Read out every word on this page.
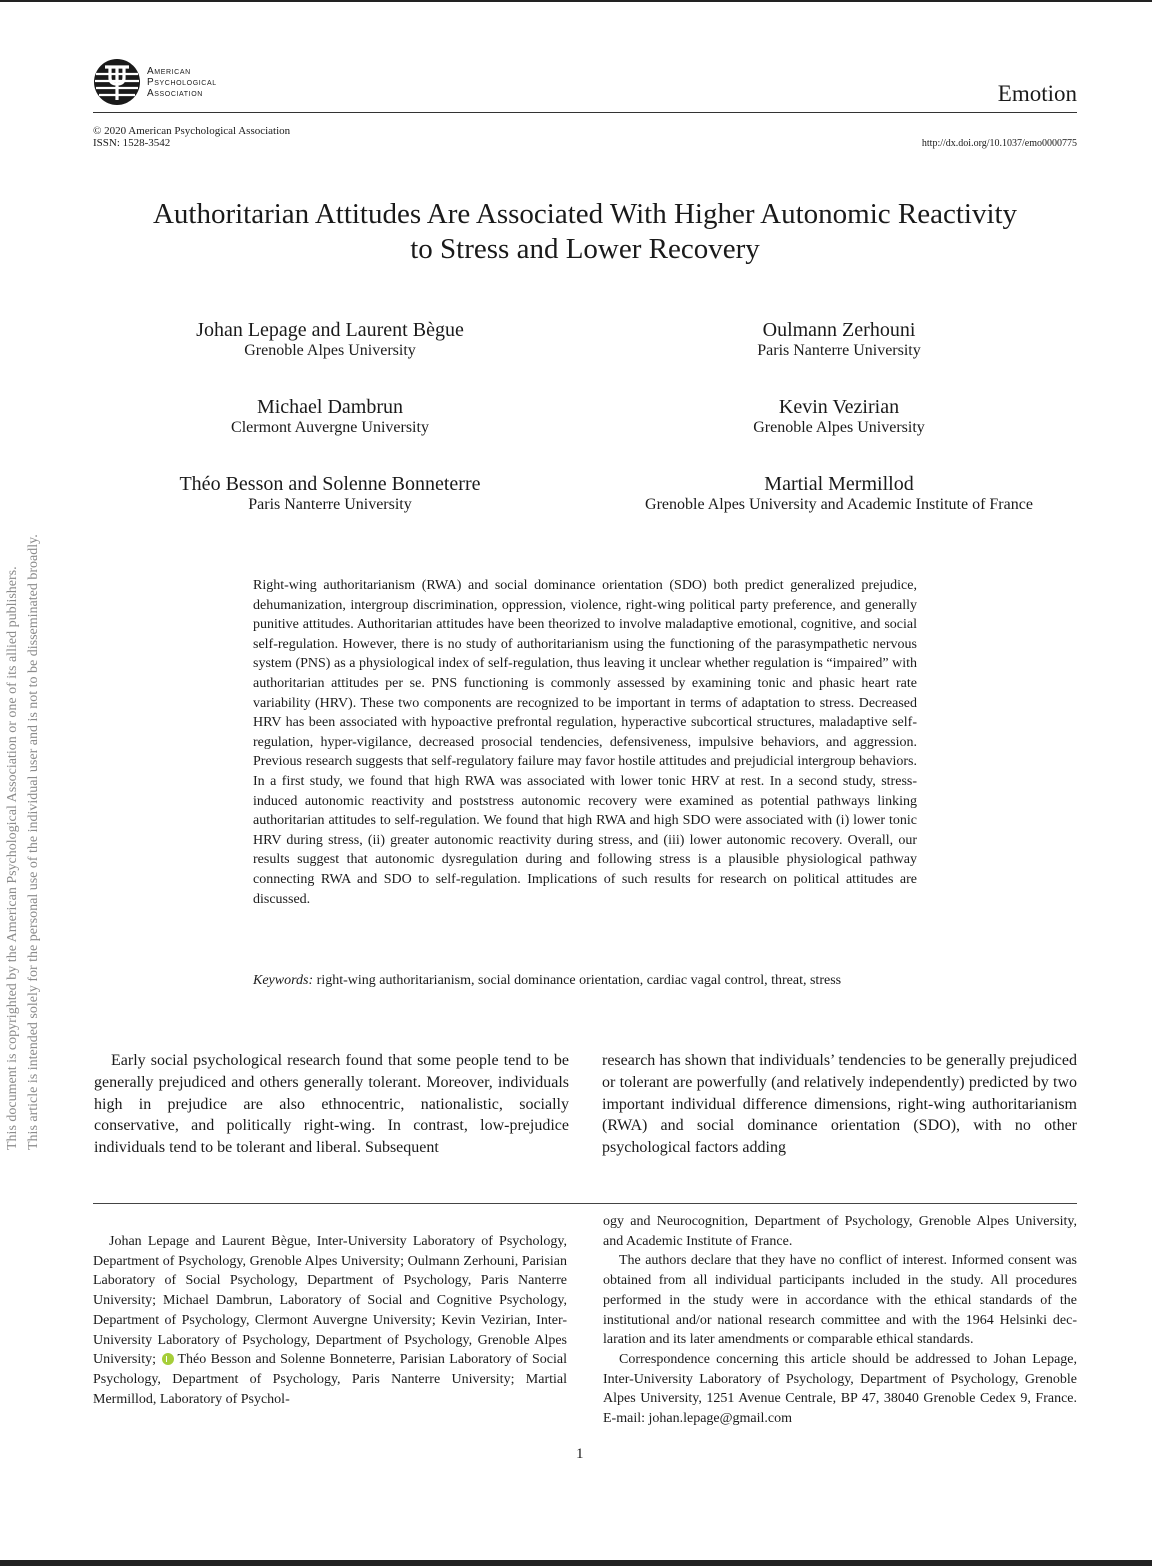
American
Psychological
Association	Emotion
© 2020 American Psychological Association
ISSN: 1528-3542	http://dx.doi.org/10.1037/emo0000775
Authoritarian Attitudes Are Associated With Higher Autonomic Reactivity
to Stress and Lower Recovery
Johan Lepage and Laurent Bègue
Grenoble Alpes University
Oulmann Zerhouni
Paris Nanterre University
Michael Dambrun
Clermont Auvergne University
Kevin Vezirian
Grenoble Alpes University
Théo Besson and Solenne Bonneterre
Paris Nanterre University
Martial Mermillod
Grenoble Alpes University and Academic Institute of France
Right-wing authoritarianism (RWA) and social dominance orientation (SDO) both predict generalized prejudice, dehumanization, intergroup discrimination, oppression, violence, right-wing political party preference, and generally punitive attitudes. Authoritarian attitudes have been theorized to involve maladaptive emotional, cognitive, and social self-regulation. However, there is no study of authoritarianism using the functioning of the parasympathetic nervous system (PNS) as a physiological index of self-regulation, thus leaving it unclear whether regulation is “impaired” with authoritarian attitudes per se. PNS functioning is commonly assessed by examining tonic and phasic heart rate variability (HRV). These two components are recognized to be important in terms of adaptation to stress. Decreased HRV has been associated with hypoactive prefrontal regulation, hyperactive subcortical structures, maladaptive self-regulation, hyper-vigilance, decreased prosocial tendencies, defensiveness, impulsive behaviors, and aggression. Previous research suggests that self-regulatory failure may favor hostile attitudes and prejudicial intergroup behaviors. In a first study, we found that high RWA was associated with lower tonic HRV at rest. In a second study, stress-induced autonomic reactivity and poststress autonomic recovery were examined as potential pathways linking authoritarian attitudes to self-regulation. We found that high RWA and high SDO were associated with (i) lower tonic HRV during stress, (ii) greater autonomic reactivity during stress, and (iii) lower autonomic recovery. Overall, our results suggest that autonomic dysregulation during and following stress is a plausible physiological pathway connecting RWA and SDO to self-regulation. Implications of such results for research on political attitudes are discussed.
Keywords: right-wing authoritarianism, social dominance orientation, cardiac vagal control, threat, stress
This document is copyrighted by the American Psychological Association or one of its allied publishers. This article is intended solely for the personal use of the individual user and is not to be disseminated broadly.	Early social psychological research found that some people tend to be generally prejudiced and others generally tolerant. Moreover, individuals high in prejudice are also ethnocentric, nationalistic, socially conservative, and politically right-wing. In contrast, low-prejudice individuals tend to be tolerant and liberal. Subsequent
research has shown that individuals’ tendencies to be generally prejudiced or tolerant are powerfully (and relatively independently) predicted by two important individual difference dimensions, right-wing authoritarianism (RWA) and social dominance orientation (SDO), with no other psychological factors adding
Johan Lepage and Laurent Bègue, Inter-University Laboratory of Psychology, Department of Psychology, Grenoble Alpes University; Oulmann Zerhouni, Parisian Laboratory of Social Psychology, Department of Psychology, Paris Nanterre University; Michael Dambrun, Laboratory of Social and Cognitive Psychology, Department of Psychology, Clermont Auvergne University; Kevin Vezirian, Inter-University Laboratory of Psychology, Department of Psychology, Grenoble Alpes University; Théo Besson and Solenne Bonneterre, Parisian Laboratory of Social Psychology, Department of Psychology, Paris Nanterre University; Martial Mermillod, Laboratory of Psychol-

ogy and Neurocognition, Department of Psychology, Grenoble Alpes University, and Academic Institute of France.

The authors declare that they have no conflict of interest. Informed consent was obtained from all individual participants included in the study. All procedures performed in the study were in accordance with the ethical standards of the institutional and/or national research committee and with the 1964 Helsinki declaration and its later amendments or comparable ethical standards.

Correspondence concerning this article should be addressed to Johan Lepage, Inter-University Laboratory of Psychology, Department of Psychology, Grenoble Alpes University, 1251 Avenue Centrale, BP 47, 38040 Grenoble Cedex 9, France. E-mail: johan.lepage@gmail.com

1
